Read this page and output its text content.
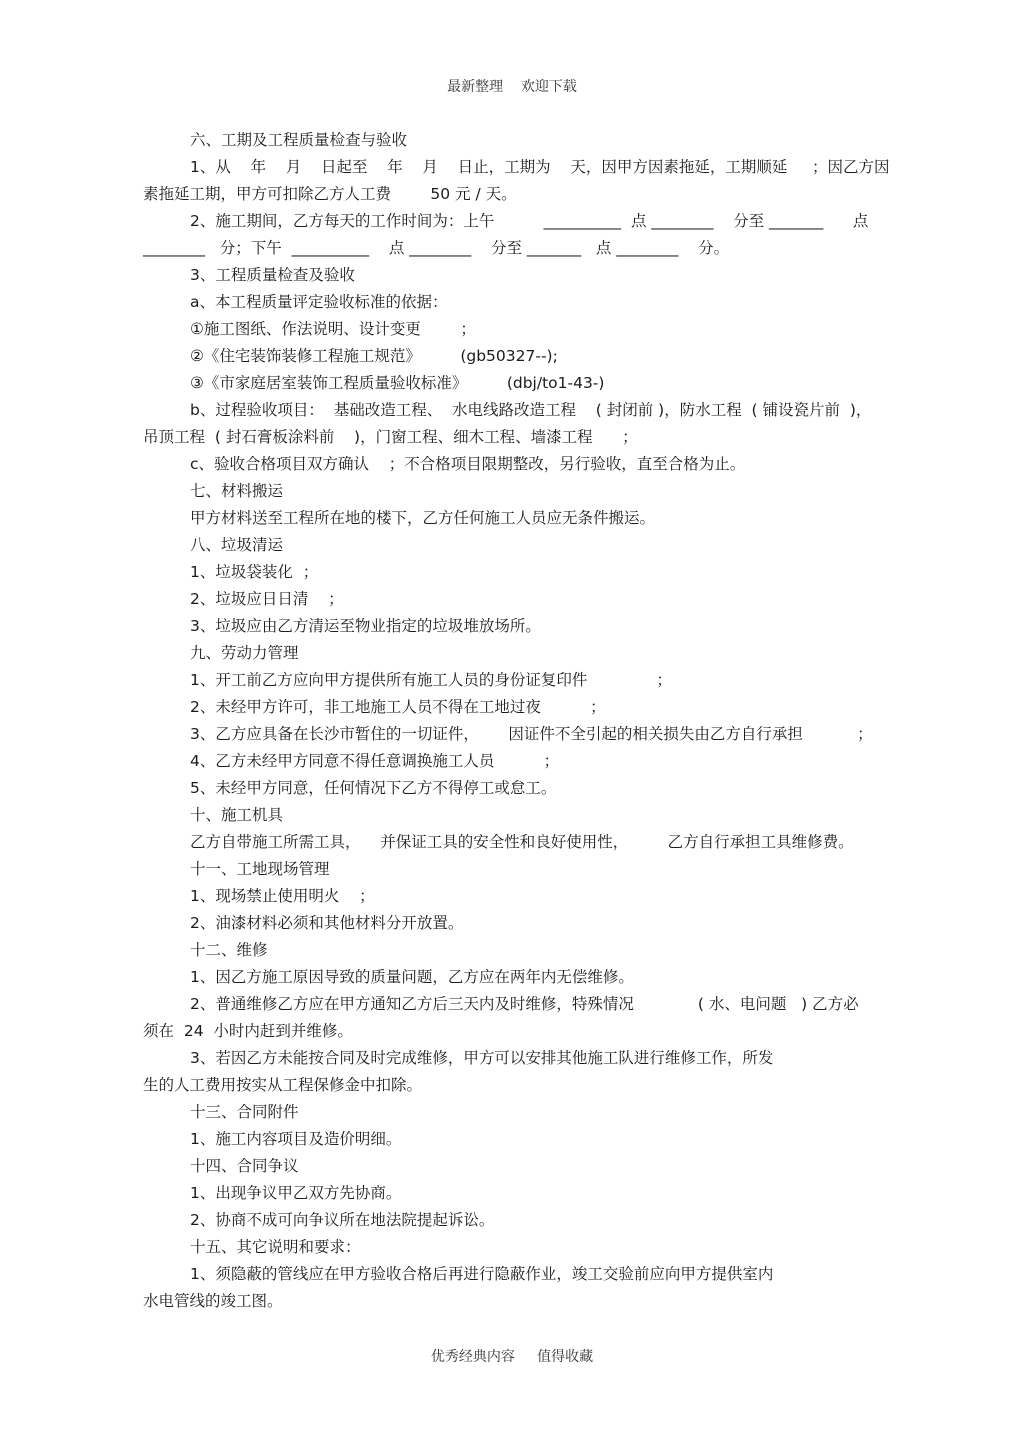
最新整理    欢迎下载
六、工期及工程质量检查与验收
1、从    年    月    日起至    年    月    日止，工期为    天，因甲方因素拖延，工期顺延     ；因乙方因
素拖延工期，甲方可扣除乙方人工费        50 元 / 天。
2、施工期间，乙方每天的工作时间为：上午          __________  点 ________    分至 _______      点
________   分；下午  __________    点 ________    分至 _______   点 ________    分。
3、工程质量检查及验收
a、本工程质量评定验收标准的依据：
①施工图纸、作法说明、设计变更        ；
②《住宅装饰装修工程施工规范》        (gb50327--);
③《市家庭居室装饰工程质量验收标准》        (dbj/to1-43-)
b、过程验收项目：  基础改造工程、  水电线路改造工程    ( 封闭前 )，防水工程  ( 铺设瓷片前  )，
吊顶工程  ( 封石膏板涂料前    )，门窗工程、细木工程、墙漆工程      ；
c、验收合格项目双方确认    ；不合格项目限期整改，另行验收，直至合格为止。
七、材料搬运
甲方材料送至工程所在地的楼下，乙方任何施工人员应无条件搬运。
八、垃圾清运
1、垃圾袋装化  ；
2、垃圾应日日清    ；
3、垃圾应由乙方清运至物业指定的垃圾堆放场所。
九、劳动力管理
1、开工前乙方应向甲方提供所有施工人员的身份证复印件              ；
2、未经甲方许可，非工地施工人员不得在工地过夜          ；
3、乙方应具备在长沙市暂住的一切证件，      因证件不全引起的相关损失由乙方自行承担           ；
4、乙方未经甲方同意不得任意调换施工人员          ；
5、未经甲方同意，任何情况下乙方不得停工或怠工。
十、施工机具
乙方自带施工所需工具，    并保证工具的安全性和良好使用性，        乙方自行承担工具维修费。
十一、工地现场管理
1、现场禁止使用明火    ；
2、油漆材料必须和其他材料分开放置。
十二、维修
1、因乙方施工原因导致的质量问题，乙方应在两年内无偿维修。
2、普通维修乙方应在甲方通知乙方后三天内及时维修，特殊情况             ( 水、电问题   ) 乙方必
须在  24  小时内赶到并维修。
3、若因乙方未能按合同及时完成维修，甲方可以安排其他施工队进行维修工作，所发
生的人工费用按实从工程保修金中扣除。
十三、合同附件
1、施工内容项目及造价明细。
十四、合同争议
1、出现争议甲乙双方先协商。
2、协商不成可向争议所在地法院提起诉讼。
十五、其它说明和要求：
1、须隐蔽的管线应在甲方验收合格后再进行隐蔽作业，竣工交验前应向甲方提供室内
水电管线的竣工图。
优秀经典内容     值得收藏
